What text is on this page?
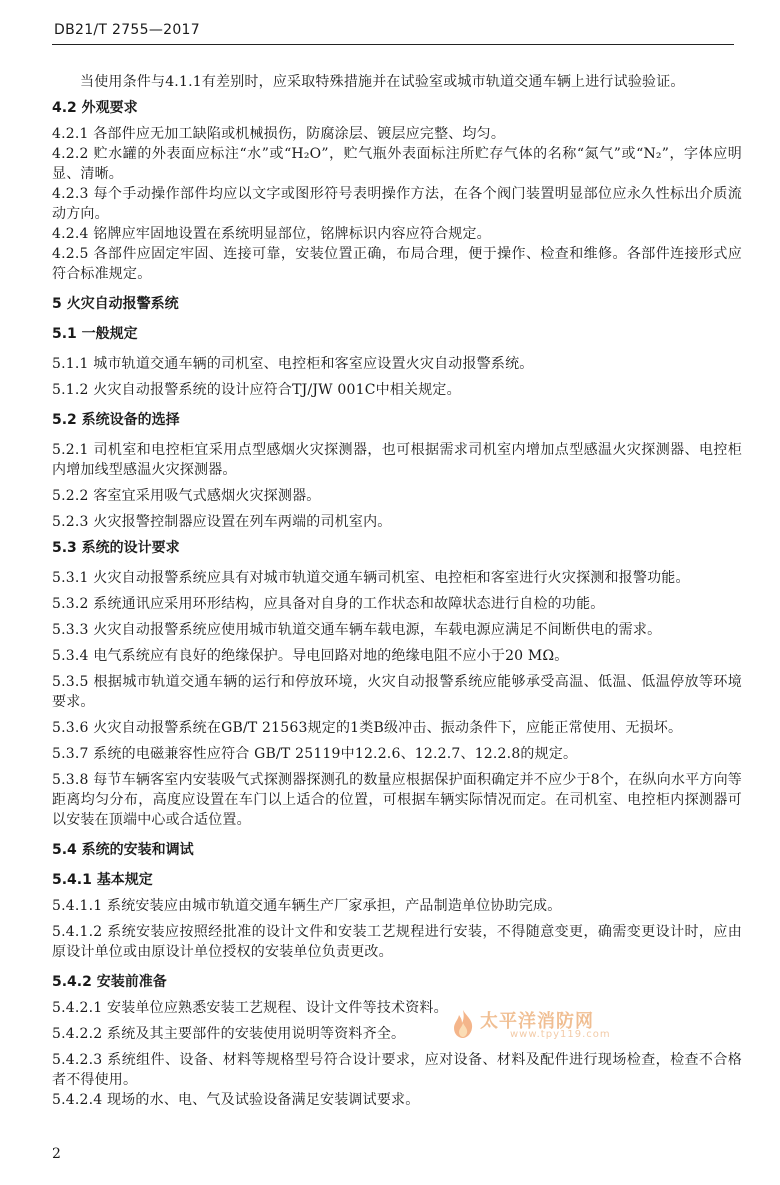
DB21/T 2755—2017

当使用条件与4.1.1有差别时，应采取特殊措施并在试验室或城市轨道交通车辆上进行试验验证。

4.2 外观要求

4.2.1 各部件应无加工缺陷或机械损伤，防腐涂层、镀层应完整、均匀。

4.2.2 贮水罐的外表面应标注“水”或“H₂O”，贮气瓶外表面标注所贮存气体的名称“氮气”或“N₂”，字体应明显、清晰。

4.2.3 每个手动操作部件均应以文字或图形符号表明操作方法，在各个阀门装置明显部位应永久性标出介质流动方向。

4.2.4 铭牌应牢固地设置在系统明显部位，铭牌标识内容应符合规定。

4.2.5 各部件应固定牢固、连接可靠，安装位置正确，布局合理，便于操作、检查和维修。各部件连接形式应符合标准规定。

5 火灾自动报警系统
5.1 一般规定

5.1.1 城市轨道交通车辆的司机室、电控柜和客室应设置火灾自动报警系统。

5.1.2 火灾自动报警系统的设计应符合TJ/JW 001C中相关规定。

5.2 系统设备的选择

5.2.1 司机室和电控柜宜采用点型感烟火灾探测器，也可根据需求司机室内增加点型感温火灾探测器、电控柜内增加线型感温火灾探测器。

5.2.2 客室宜采用吸气式感烟火灾探测器。

5.2.3 火灾报警控制器应设置在列车两端的司机室内。

5.3 系统的设计要求

5.3.1 火灾自动报警系统应具有对城市轨道交通车辆司机室、电控柜和客室进行火灾探测和报警功能。

5.3.2 系统通讯应采用环形结构，应具备对自身的工作状态和故障状态进行自检的功能。

5.3.3 火灾自动报警系统应使用城市轨道交通车辆车载电源，车载电源应满足不间断供电的需求。

5.3.4 电气系统应有良好的绝缘保护。导电回路对地的绝缘电阻不应小于20 MΩ。

5.3.5 根据城市轨道交通车辆的运行和停放环境，火灾自动报警系统应能够承受高温、低温、低温停放等环境要求。

5.3.6 火灾自动报警系统在GB/T 21563规定的1类B级冲击、振动条件下，应能正常使用、无损坏。

5.3.7 系统的电磁兼容性应符合 GB/T 25119中12.2.6、12.2.7、12.2.8的规定。

5.3.8 每节车辆客室内安装吸气式探测器探测孔的数量应根据保护面积确定并不应少于8个，在纵向水平方向等距离均匀分布，高度应设置在车门以上适合的位置，可根据车辆实际情况而定。在司机室、电控柜内探测器可以安装在顶端中心或合适位置。

5.4 系统的安装和调试
5.4.1 基本规定

5.4.1.1 系统安装应由城市轨道交通车辆生产厂家承担，产品制造单位协助完成。

5.4.1.2 系统安装应按照经批准的设计文件和安装工艺规程进行安装，不得随意变更，确需变更设计时，应由原设计单位或由原设计单位授权的安装单位负责更改。

5.4.2 安装前准备

5.4.2.1 安装单位应熟悉安装工艺规程、设计文件等技术资料。

5.4.2.2 系统及其主要部件的安装使用说明等资料齐全。

5.4.2.3 系统组件、设备、材料等规格型号符合设计要求，应对设备、材料及配件进行现场检查，检查不合格者不得使用。

5.4.2.4 现场的水、电、气及试验设备满足安装调试要求。

太平洋消防网
www.tpy119.com
2
